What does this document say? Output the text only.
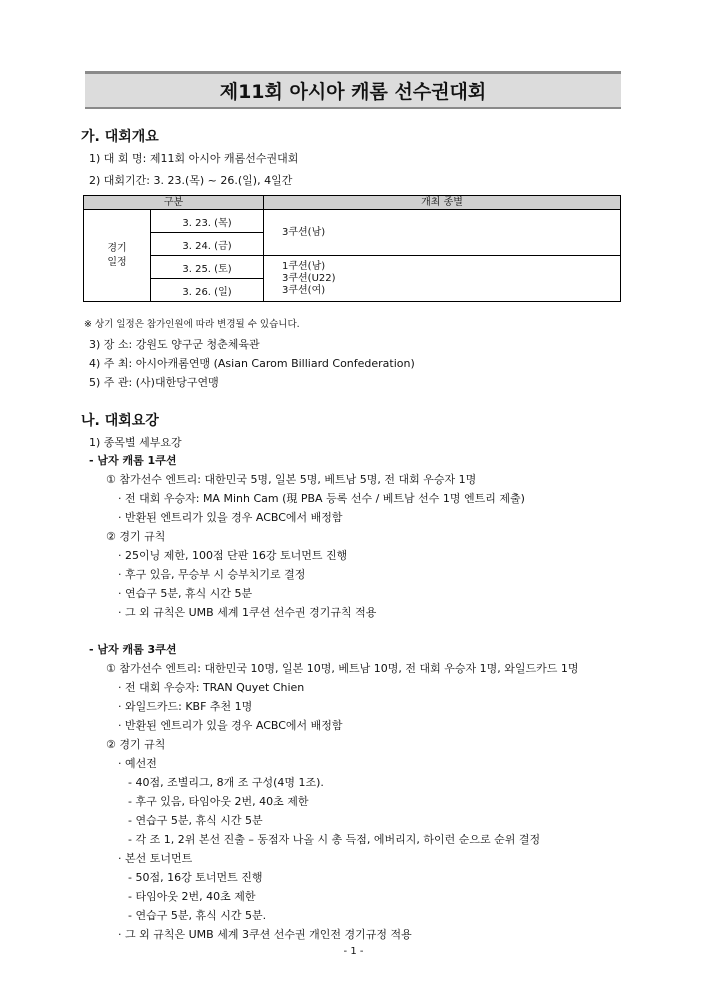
제11회 아시아 캐롬 선수권대회
가. 대회개요
1) 대 회 명: 제11회 아시아 캐롬선수권대회
2) 대회기간: 3. 23.(목) ~ 26.(일), 4일간
구분		개최 종별
경기
일정	3. 23. (목)	3쿠션(남)
	3. 24. (금)	
	3. 25. (토)	1쿠션(남)
3쿠션(U22)
3쿠션(여)

	3. 26. (일)	
※ 상기 일정은 참가인원에 따라 변경될 수 있습니다.
3) 장 소: 강원도 양구군 청춘체육관
4) 주 최: 아시아캐롬연맹 (Asian Carom Billiard Confederation)
5) 주 관: (사)대한당구연맹
나. 대회요강
1) 종목별 세부요강
- 남자 캐롬 1쿠션
① 참가선수 엔트리: 대한민국 5명, 일본 5명, 베트남 5명, 전 대회 우승자 1명
· 전 대회 우승자: MA Minh Cam (現 PBA 등록 선수 / 베트남 선수 1명 엔트리 제출)
· 반환된 엔트리가 있을 경우 ACBC에서 배정함
② 경기 규칙
· 25이닝 제한, 100점 단판 16강 토너먼트 진행
· 후구 있음, 무승부 시 승부치기로 결정
· 연습구 5분, 휴식 시간 5분
· 그 외 규칙은 UMB 세계 1쿠션 선수권 경기규칙 적용
- 남자 캐롬 3쿠션
① 참가선수 엔트리: 대한민국 10명, 일본 10명, 베트남 10명, 전 대회 우승자 1명, 와일드카드 1명
· 전 대회 우승자: TRAN Quyet Chien
· 와일드카드: KBF 추천 1명
· 반환된 엔트리가 있을 경우 ACBC에서 배정함
② 경기 규칙
· 예선전
- 40점, 조별리그, 8개 조 구성(4명 1조).
- 후구 있음, 타임아웃 2번, 40초 제한
- 연습구 5분, 휴식 시간 5분
- 각 조 1, 2위 본선 진출 – 동점자 나올 시 총 득점, 에버리지, 하이런 순으로 순위 결정
· 본선 토너먼트
- 50점, 16강 토너먼트 진행
- 타임아웃 2번, 40초 제한
- 연습구 5분, 휴식 시간 5분.
· 그 외 규칙은 UMB 세계 3쿠션 선수권 개인전 경기규정 적용
- 1 -
